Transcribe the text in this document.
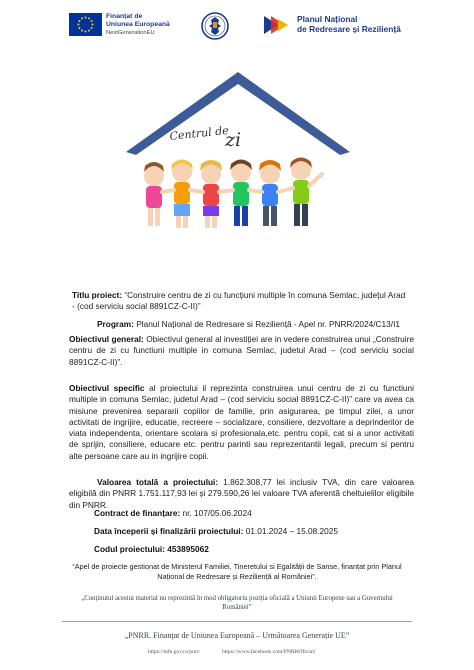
Finanțat de
Uniunea Europeană
NextGenerationEU
Planul Național
de Redresare și Reziliență
Centrul de
zi
Titlu proiect: “Construire centru de zi cu funcțiuni multiple în comuna Semlac, județul Arad - (cod serviciu social 8891CZ-C-II)”
Program: Planul Național de Redresare si Reziliență - Apel nr. PNRR/2024/C13/I1
Obiectivul general: Obiectivul general al investiției are in vedere construirea unui „Construire centru de zi cu functiuni multiple in comuna Semlac, judetul Arad – (cod serviciu social 8891CZ-C-II)”.
Obiectivul specific al proiectului il reprezinta construirea unui centru de zi cu functiuni multiple in comuna Semlac, judetul Arad – (cod serviciu social 8891CZ-C-II)” care va avea ca misiune prevenirea separarii copiilor de familie, prin asigurarea, pe timpul zilei, a unor activitati de ingrijire, educatie, recreere – socializare, consiliere, dezvoltare a deprinderilor de viata independenta, orientare scolara si profesionala,etc. pentru copii, cat si a unor activitati de sprijin, consiliere, educare etc. pentru parinti sau reprezentantii legali, precum si pentru alte persoane care au in ingrijire copii.
Valoarea totală a proiectului: 1.862.308,77 lei inclusiv TVA, din care valoarea eligibilă din PNRR 1.751.117,93 lei și 279.590,26 lei valoare TVA aferentă cheltuielilor eligibile din PNRR.
Contract de finanțare: nr. 107/05.06.2024
Data începerii și finalizării proiectului: 01.01.2024 – 15.08.2025
Codul proiectului: 453895062
“Apel de proiecte gestionat de Ministerul Familiei, Tineretului si Egalității de Sanse, finanțat prin Planul Național de Redresare și Reziliență al României”.
„Conținutul acestui material nu reprezintă în mod obligatoriu poziția oficială a Uniunii Europene sau a Guvernului României”
„PNRR. Finanțat de Uniunea Europeană – Următoarea Generație UE”
https://mfe.gov.ro/pnrr/	https://www.facebook.com/PNRROficial/
